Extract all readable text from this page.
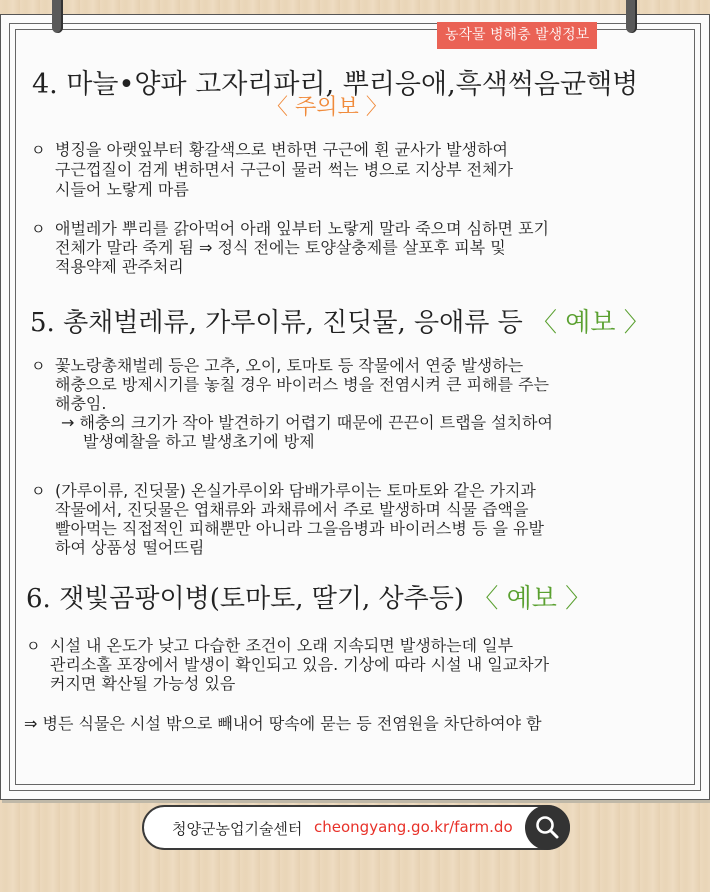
농작물 병해충 발생정보
4. 마늘•양파 고자리파리, 뿌리응애,흑색썩음균핵병
〈 주의보 〉
ㅇ 병징을 아랫잎부터 황갈색으로 변하면 구근에 흰 균사가 발생하여
구근껍질이 검게 변하면서 구근이 물러 썩는 병으로 지상부 전체가
시들어 노랗게 마름
ㅇ 애벌레가 뿌리를 갉아먹어 아래 잎부터 노랗게 말라 죽으며 심하면 포기
전체가 말라 죽게 됨 ⇒ 정식 전에는 토양살충제를 살포후 피복 및
적용약제 관주처리
5. 총채벌레류, 가루이류, 진딧물, 응애류 등 〈 예보 〉
ㅇ 꽃노랑총채벌레 등은 고추, 오이, 토마토 등 작물에서 연중 발생하는
해충으로 방제시기를 놓칠 경우 바이러스 병을 전염시켜 큰 피해를 주는
해충임.
→ 해충의 크기가 작아 발견하기 어렵기 때문에 끈끈이 트랩을 설치하여
발생예찰을 하고 발생초기에 방제
ㅇ (가루이류, 진딧물) 온실가루이와 담배가루이는 토마토와 같은 가지과
작물에서, 진딧물은 엽채류와 과채류에서 주로 발생하며 식물 즙액을
빨아먹는 직접적인 피해뿐만 아니라 그을음병과 바이러스병 등 을 유발
하여 상품성 떨어뜨림
6. 잿빛곰팡이병(토마토, 딸기, 상추등) 〈 예보 〉
ㅇ 시설 내 온도가 낮고 다습한 조건이 오래 지속되면 발생하는데 일부
관리소홀 포장에서 발생이 확인되고 있음. 기상에 따라 시설 내 일교차가
커지면 확산될 가능성 있음
⇒ 병든 식물은 시설 밖으로 빼내어 땅속에 묻는 등 전염원을 차단하여야 함
청양군농업기술센터 cheongyang.go.kr/farm.do
